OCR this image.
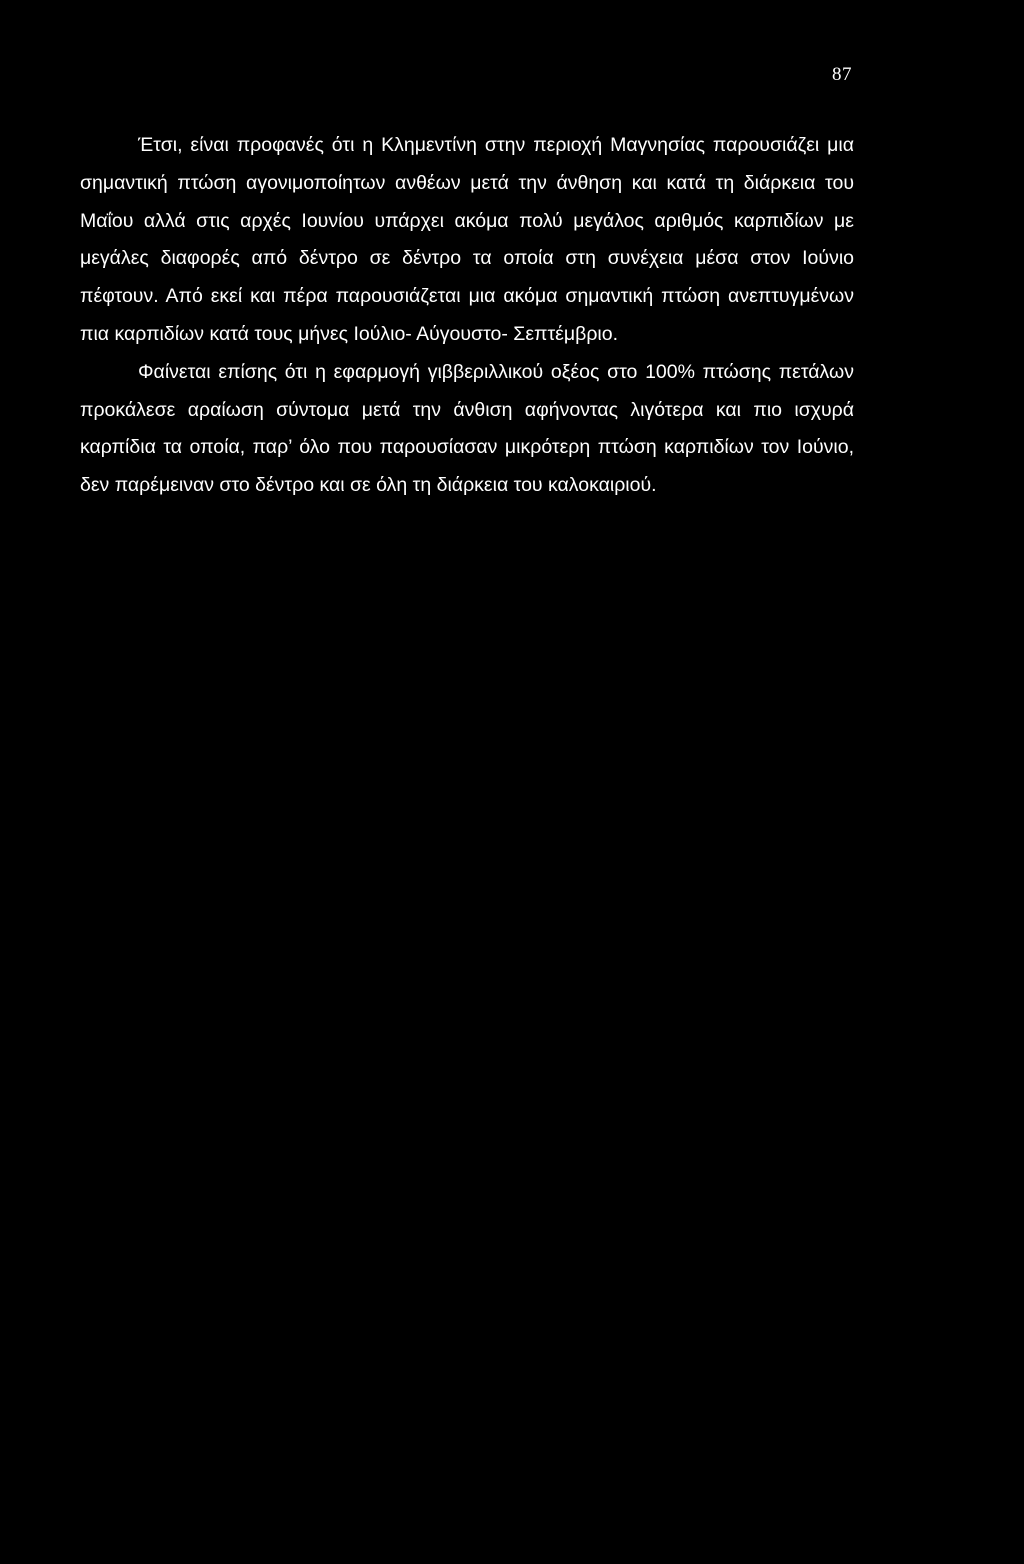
87

Έτσι, είναι προφανές ότι η Κλημεντίνη στην περιοχή Μαγνησίας παρουσιάζει μια σημαντική πτώση αγονιμοποίητων ανθέων μετά την άνθηση και κατά τη διάρκεια του Μαΐου αλλά στις αρχές Ιουνίου υπάρχει ακόμα πολύ μεγάλος αριθμός καρπιδίων με μεγάλες διαφορές από δέντρο σε δέντρο τα οποία στη συνέχεια μέσα στον Ιούνιο πέφτουν. Από εκεί και πέρα παρουσιάζεται μια ακόμα σημαντική πτώση ανεπτυγμένων πια καρπιδίων κατά τους μήνες Ιούλιο- Αύγουστο- Σεπτέμβριο.

Φαίνεται επίσης ότι η εφαρμογή γιββεριλλικού οξέος στο 100% πτώσης πετάλων προκάλεσε αραίωση σύντομα μετά την άνθιση αφήνοντας λιγότερα και πιο ισχυρά καρπίδια τα οποία, παρ’ όλο που παρουσίασαν μικρότερη πτώση καρπιδίων τον Ιούνιο, δεν παρέμειναν στο δέντρο και σε όλη τη διάρκεια του καλοκαιριού.
